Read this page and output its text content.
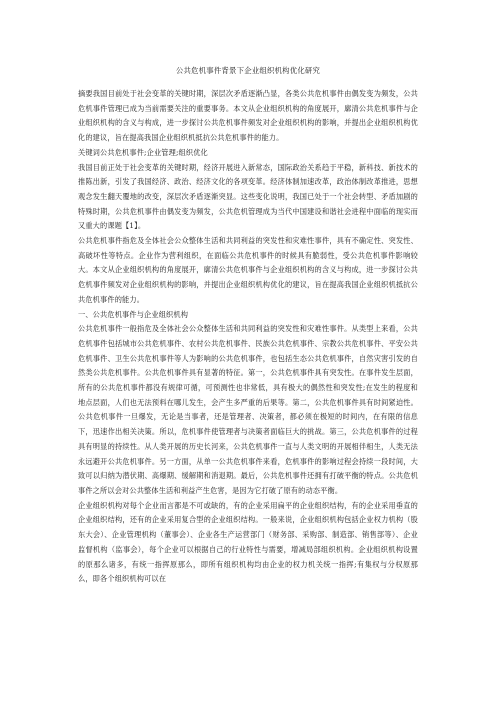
公共危机事件背景下企业组织机构优化研究

摘要我国目前处于社会变革的关键时期，深层次矛盾逐渐凸显，各类公共危机事件由偶发变为频发，公共危机事件管理已成为当前需要关注的重要事务。本文从企业组织机构的角度展开，廓清公共危机事件与企业组织机构的含义与构成，进一步探讨公共危机事件频发对企业组织机构的影响，并提出企业组织机构优化的建议，旨在提高我国企业组织机抵抗公共危机事件的能力。

关键词公共危机事件;企业管理;组织优化

我国目前正处于社会变革的关键时期，经济开展进入新常态，国际政治关系趋于平稳，新科技、新技术的推陈出新，引发了我国经济、政治、经济文化的各项变革。经济体制加速改革，政治体制改革推进，思想观念发生翻天覆地的改变，深层次矛盾逐渐突显。这些变化说明，我国已处于一个社会转型、矛盾加剧的特殊时期，公共危机事件由偶发变为频发，公共危机管理成为当代中国建设和谐社会进程中面临的现实而又重大的课题【1】。

公共危机事件指危及全体社会公众整体生活和共同利益的突发性和灾难性事件，具有不确定性、突发性、高破坏性等特点。企业作为营利组织，在面临公共危机事件的时候具有脆弱性，受公共危机事件影响较大。本文从企业组织机构的角度展开，廓清公共危机事件与企业组织机构的含义与构成，进一步探讨公共危机事件频发对企业组织机构的影响，并提出企业组织机构优化的建议，旨在提高我国企业组织机抵抗公共危机事件的能力。

一、公共危机事件与企业组织机构

公共危机事件一般指危及全体社会公众整体生活和共同利益的突发性和灾难性事件。从类型上来看，公共危机事件包括城市公共危机事件、农村公共危机事件、民族公共危机事件、宗教公共危机事件、平安公共危机事件、卫生公共危机事件等人为影响的公共危机事件，也包括生态公共危机事件，自然灾害引发的自然类公共危机事件。公共危机事件具有显著的特征。第一，公共危机事件具有突发性。在事件发生层面，所有的公共危机事件都没有规律可循，可预测性也非常低，具有极大的偶然性和突发性;在发生的程度和地点层面，人们也无法预料在哪儿发生，会产生多严重的后果等。第二，公共危机事件具有时间紧迫性。公共危机事件一旦爆发，无论是当事者，还是管理者、决策者，都必须在极短的时间内，在有限的信息下，迅速作出相关决策。所以，危机事件使管理者与决策者面临巨大的挑战。第三，公共危机事件的过程具有明显的持续性。从人类开展的历史长河来，公共危机事件一直与人类文明的开展相伴相生，人类无法永远避开公共危机事件。另一方面，从单一公共危机事件来看，危机事件的影响过程会持续一段时间，大致可以归纳为潜伏期、高爆期、缓解期和消退期。最后，公共危机事件还拥有打破平衡的特点。公共危机事件之所以会对公共整体生活和利益产生危害，是因为它打破了原有的动态平衡。

企业组织机构对每个企业而言都是不可或缺的，有的企业采用扁平的企业组织结构，有的企业采用垂直的企业组织结构，还有的企业采用复合型的企业组织结构。一般来说，企业组织机构包括企业权力机构（股东大会）、企业管理机构（董事会）、企业各生产运营部门（财务部、采购部、制造部、销售部等）、企业监督机构（监事会），每个企业可以根据自己的行业特性与需要，增减局部组织机构。企业组织机构设置的原那么诸多，有统一指挥原那么，即所有组织机构均由企业的权力机关统一指挥;有集权与分权原那么，即各个组织机构可以在
